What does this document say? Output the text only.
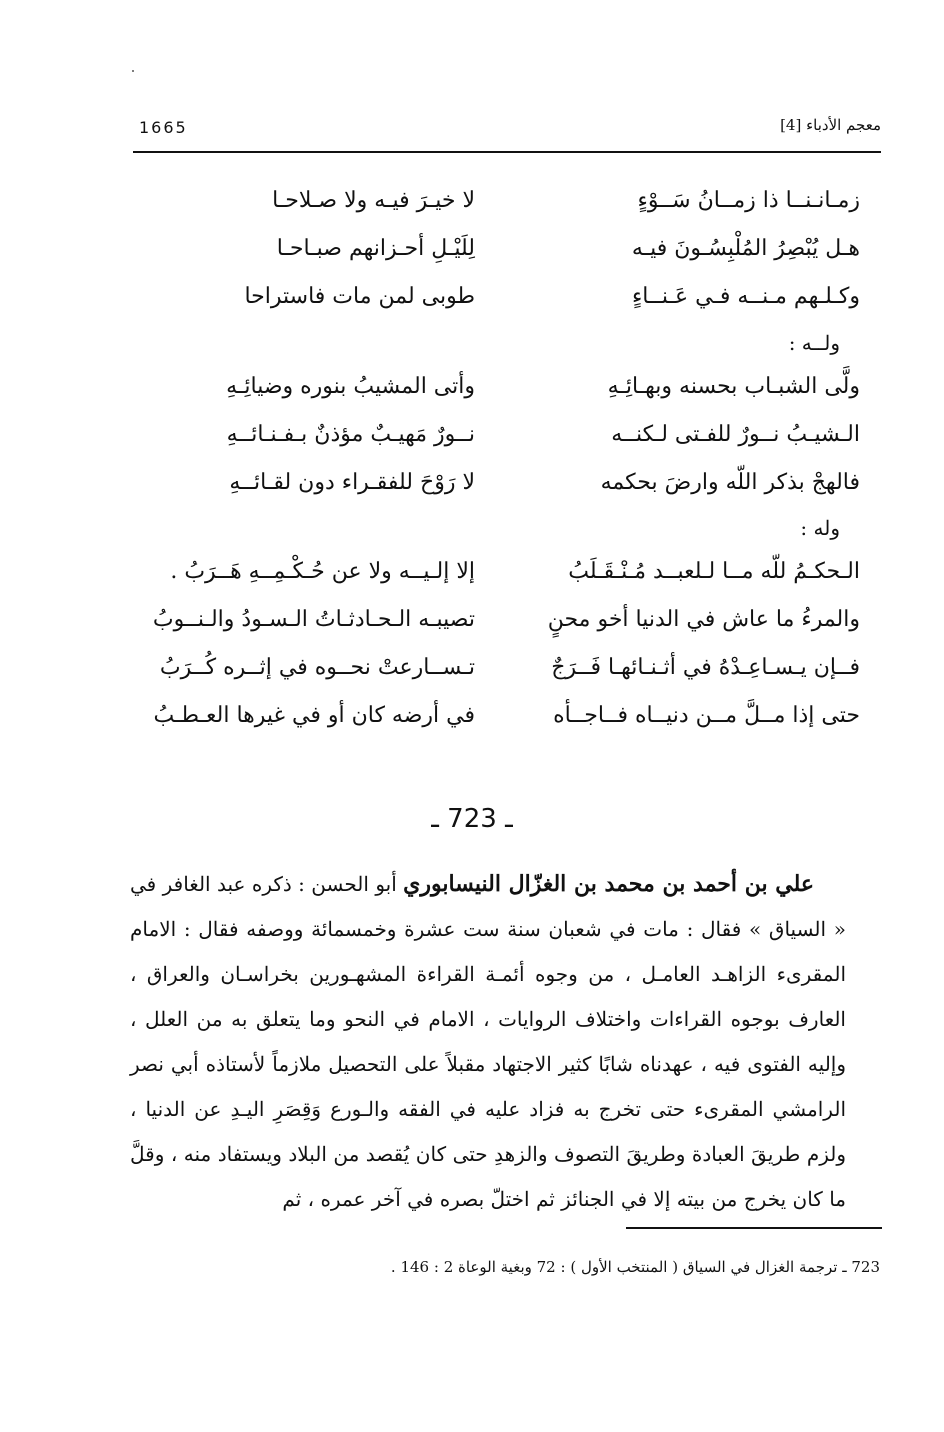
1665	معجم الأدباء [4]
زمـانـنــا ذا زمــانُ سَــوْءٍ
لا خيـرَ فيـه ولا صـلاحـا
هـل يُبْصِرُ المُلْبِسُـونَ فيـه
لِلَيْـلِ أحـزانهم صبـاحـا
وكـلـهم مـنــه فـي عَـنــاءٍ
طوبى لمن مات فاستراحا
ولــه :
ولَّى الشبـاب بحسنه وبهـائِـهِ
وأتى المشيبُ بنوره وضيائِـهِ
الـشيـبُ نــورٌ للفـتى لـكنــه
نــورٌ مَهيـبٌ مؤذنٌ بـفـنـائــهِ
فالهجْ بذكر اللّه وارضَ بحكمه
لا رَوْحَ للفقـراء دون لقـائــهِ
وله :
الـحكـمُ للّه مــا لـلعبــد مُـنْـقَـلَبُ
إلا إلـيــه ولا عن حُـكْـمِــهِ هَــرَبُ .
والمرءُ ما عاش في الدنيا أخو محنٍ
تصيبـه الـحـادثـاتُ الـسـودُ والـنــوبُ
فــإن يـسـاعِـدْهُ في أثـنـائهـا فَــرَجٌ
تـســارعتْ نحــوه في إثــره كُــرَبُ
حتى إذا مــلَّ مــن دنيــاه فــاجــأه
في أرضه كان أو في غيرها العـطـبُ
ـ 723 ـ
علي بن أحمد بن محمد بن الغزّال النيسابوري أبو الحسن : ذكره عبد الغافر في « السياق » فقال : مات في شعبان سنة ست عشرة وخمسمائة ووصفه فقال : الامام المقرىء الزاهـد العامـل ، من وجوه أئمـة القراءة المشهـورين بخراسـان والعراق ، العارف بوجوه القراءات واختلاف الروايات ، الامام في النحو وما يتعلق به من العلل ، وإليه الفتوى فيه ، عهدناه شابًا كثير الاجتهاد مقبلاً على التحصيل ملازماً لأستاذه أبي نصر الرامشي المقرىء حتى تخرج به فزاد عليه في الفقه والـورع وَقِصَرِ اليـدِ عن الدنيا ، ولزم طريقَ العبادة وطريقَ التصوف والزهدِ حتى كان يُقصد من البلاد ويستفاد منه ، وقلَّ ما كان يخرج من بيته إلا في الجنائز ثم اختلّ بصره في آخر عمره ، ثم
723 ـ ترجمة الغزال في السياق ( المنتخب الأول ) : 72 وبغية الوعاة 2 : 146 .
